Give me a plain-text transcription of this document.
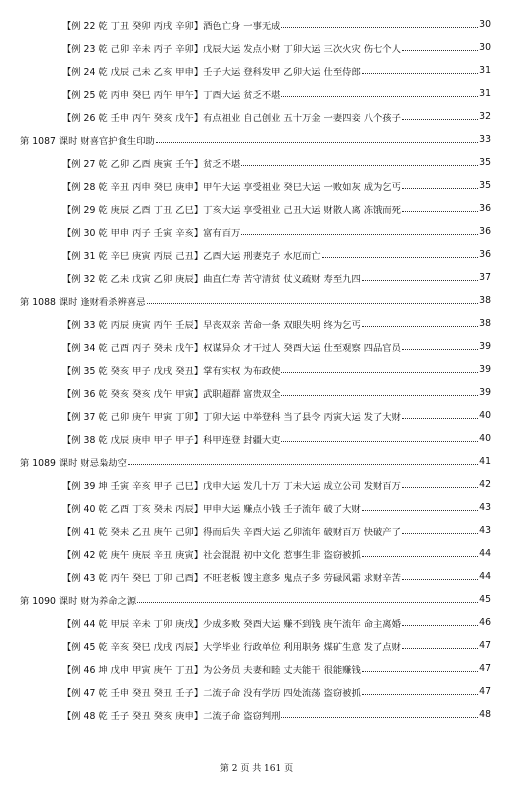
【例 22 乾 丁丑 癸卯 丙戌 辛卯】酒色亡身 一事无成	30
【例 23 乾 己卯 辛未 丙子 辛卯】戊辰大运 发点小财 丁卯大运 三次火灾 伤七个人	30
【例 24 乾 戊辰 己未 乙亥 甲申】壬子大运 登科发甲 乙卯大运 仕至侍郎	31
【例 25 乾 丙申 癸巳 丙午 甲午】丁酉大运 贫乏不堪	31
【例 26 乾 壬申 丙午 癸亥 戊午】有点祖业 自己创业 五十万金 一妻四妾 八个孩子	32
第 1087 课时 财喜官护食生印助	33
【例 27 乾 乙卯 乙酉 庚寅 壬午】贫乏不堪	35
【例 28 乾 辛丑 丙申 癸巳 庚申】甲午大运 享受祖业 癸巳大运 一败如灰 成为乞丐	35
【例 29 乾 庚辰 乙酉 丁丑 乙巳】丁亥大运 享受祖业 己丑大运 财散人离 冻饿而死	36
【例 30 乾 甲申 丙子 壬寅 辛亥】富有百万	36
【例 31 乾 辛巳 庚寅 丙辰 己丑】乙酉大运 刑妻克子 水厄而亡	36
【例 32 乾 乙未 戊寅 乙卯 庚辰】曲直仁寿 苦守清贫 仗义疏财 寿至九四	37
第 1088 课时 逢财看杀辨喜忌	38
【例 33 乾 丙辰 庚寅 丙午 壬辰】早丧双亲 苦命一条 双眼失明 终为乞丐	38
【例 34 乾 己酉 丙子 癸未 戊午】权谋异众 才干过人 癸酉大运 仕至观察 四品官员	39
【例 35 乾 癸亥 甲子 戊戌 癸丑】掌有实权 为布政使	39
【例 36 乾 癸亥 癸亥 戊午 甲寅】武职超群 富贵双全	39
【例 37 乾 己卯 庚午 甲寅 丁卯】丁卯大运 中举登科 当了县令 丙寅大运 发了大财	40
【例 38 乾 戊辰 庚申 甲子 甲子】科甲连登 封疆大吏	40
第 1089 课时 财忌枭劫空	41
【例 39 坤 壬寅 辛亥 甲子 己巳】戊申大运 发几十万 丁未大运 成立公司 发财百万	42
【例 40 乾 乙酉 丁亥 癸未 丙辰】甲申大运 赚点小钱 壬子流年 破了大财	43
【例 41 乾 癸未 乙丑 庚午 己卯】得而后失 辛酉大运 乙卯流年 破财百万 快破产了	43
【例 42 乾 庚午 庚辰 辛丑 庚寅】社会混混 初中文化 惹事生非 盗窃被抓	44
【例 43 乾 丙午 癸巳 丁卯 己酉】不旺老板 馊主意多 鬼点子多 劳碌风霜 求财辛苦	44
第 1090 课时 财为养命之源	45
【例 44 乾 甲辰 辛未 丁卯 庚戌】少成多败 癸酉大运 赚不到钱 庚午流年 命主离婚	46
【例 45 乾 辛亥 癸巳 戊戌 丙辰】大学毕业 行政单位 利用职务 煤矿生意 发了点财	47
【例 46 坤 戊申 甲寅 庚午 丁丑】为公务员 夫妻和睦 丈夫能干 很能赚钱	47
【例 47 乾 壬申 癸丑 癸丑 壬子】二流子命 没有学历 四处流荡 盗窃被抓	47
【例 48 乾 壬子 癸丑 癸亥 庚申】二流子命 盗窃判刑	48
第 2 页 共 161 页
